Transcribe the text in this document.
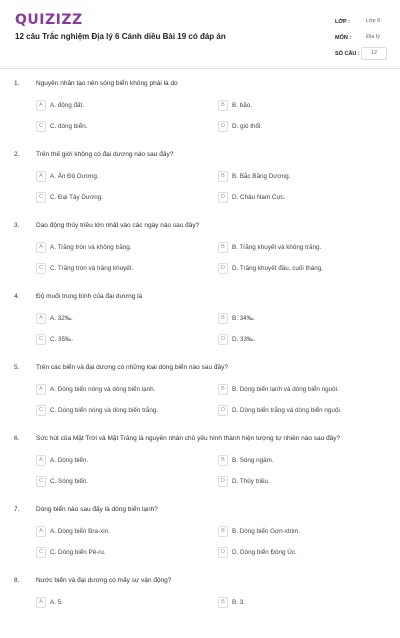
QUIZIZZ
12 câu Trắc nghiệm Địa lý 6 Cánh diều Bài 19 có đáp án
LỚP :	Lớp 6
MÔN :	Địa lý
SỐ CÂU :	12
1.	Nguyên nhân tạo nên sóng biển không phải là do
A	A. động đất.	B	B. bão.
C	C. dòng biển.	D	D. gió thổi.
2.	Trên thế giới không có đại dương nào sau đây?
A	A. Ấn Độ Dương.	B	B. Bắc Băng Dương.
C	C. Đại Tây Dương.	D	D. Châu Nam Cực.
3.	Dao động thủy triều lớn nhất vào các ngày nào sau đây?
A	A. Trăng tròn và không trăng.	B	B. Trăng khuyết và không trăng.
C	C. Trăng tròn và trăng khuyết.	D	D. Trăng khuyết đầu, cuối tháng.
4.	Độ muối trung bình của đại dương là
A	A. 32‰.	B	B. 34‰.
C	C. 35‰.	D	D. 33‰.
5.	Trên các biển và đại dương có những loại dòng biển nào sau đây?
A	A. Dòng biển nóng và dòng biển lạnh.	B	B. Dòng biển lạnh và dòng biển nguội.
C	C. Dòng biển nóng và dòng biển trắng.	D	D. Dòng biển trắng và dòng biển nguội.
6.	Sức hút của Mặt Trời và Mặt Trăng là nguyên nhân chủ yếu hình thành hiện tượng tự nhiên nào sau đây?
A	A. Dòng biển.	B	B. Sóng ngầm.
C	C. Sóng biển.	D	D. Thủy triều.
7.	Dòng biển nào sau đây là dòng biển lạnh?
A	A. Dòng biển Bra-xin.	B	B. Dòng biển Gơn-xtrim.
C	C. Dòng biển Pê-ru.	D	D. Dòng biển Đông Úc.
8.	Nước biển và đại dương có mấy sự vận động?
A	A. 5.	B	B. 3.
